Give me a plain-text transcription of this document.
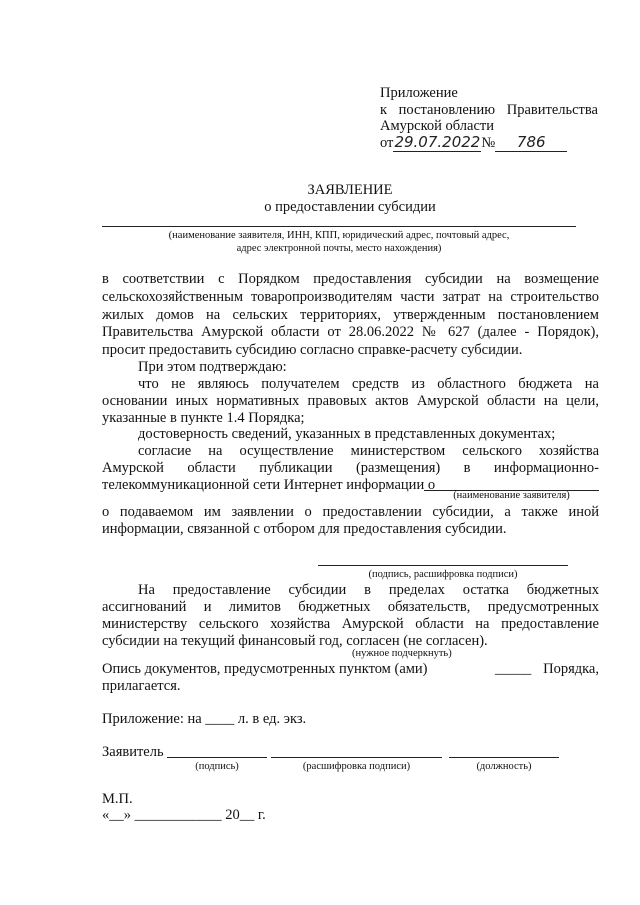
Приложение
к постановлению Правительства
Амурской области
от29.07.2022№ 786
ЗАЯВЛЕНИЕ
о предоставлении субсидии
(наименование заявителя, ИНН, КПП, юридический адрес, почтовый адрес,
адрес электронной почты, место нахождения)
в соответствии с Порядком предоставления субсидии на возмещение
сельскохозяйственным товаропроизводителям части затрат на строительство
жилых домов на сельских территориях, утвержденным постановлением
Правительства Амурской области от 28.06.2022 № 627 (далее - Порядок),
просит предоставить субсидию согласно справке-расчету субсидии.
При этом подтверждаю:
что не являюсь получателем средств из областного бюджета на
основании иных нормативных правовых актов Амурской области на цели,
указанные в пункте 1.4 Порядка;
достоверность сведений, указанных в представленных документах;
согласие на осуществление министерством сельского хозяйства
Амурской области публикации (размещения) в информационно-
телекоммуникационной сети Интернет информации о
(наименование заявителя)
о подаваемом им заявлении о предоставлении субсидии, а также иной
информации, связанной с отбором для предоставления субсидии.
(подпись, расшифровка подписи)
На предоставление субсидии в пределах остатка бюджетных
ассигнований и лимитов бюджетных обязательств, предусмотренных
министерству сельского хозяйства Амурской области на предоставление
субсидии на текущий финансовый год, согласен (не согласен).
(нужное подчеркнуть)
Опись документов, предусмотренных пунктом (ами)	_____ Порядка,
прилагается.
Приложение: на ____ л. в ед. экз.
Заявитель
(подпись)	(расшифровка подписи)	(должность)
М.П.
«__» ____________ 20__ г.
